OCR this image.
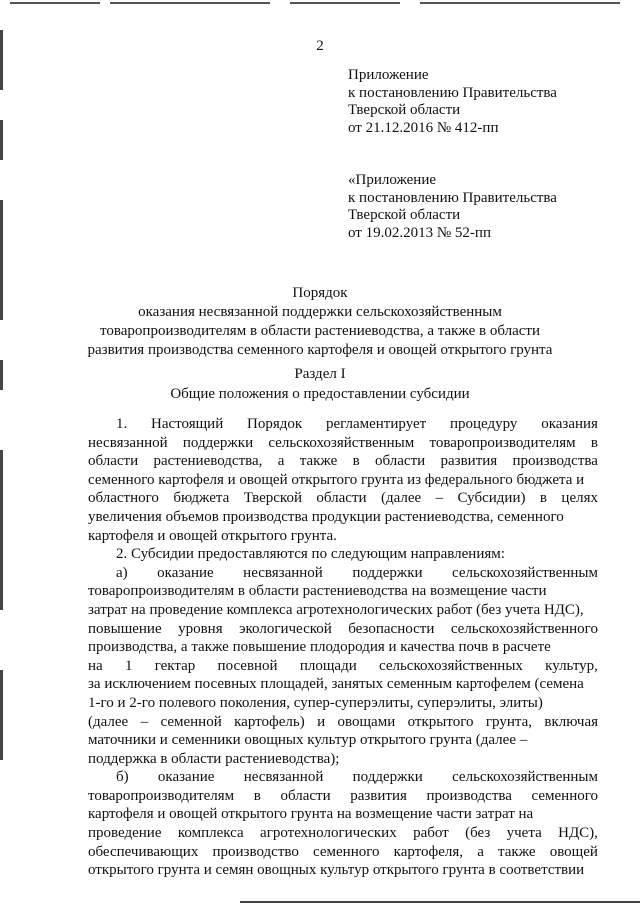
2
Приложение
к постановлению Правительства
Тверской области
от 21.12.2016 № 412-пп
«Приложение
к постановлению Правительства
Тверской области
от 19.02.2013 № 52-пп
Порядок
оказания несвязанной поддержки сельскохозяйственным
товаропроизводителям в области растениеводства, а также в области
развития производства семенного картофеля и овощей открытого грунта
Раздел I
Общие положения о предоставлении субсидии
1. Настоящий Порядок регламентирует процедуру оказания
несвязанной поддержки сельскохозяйственным товаропроизводителям в
области растениеводства, а также в области развития производства
семенного картофеля и овощей открытого грунта из федерального бюджета и
областного бюджета Тверской области (далее – Субсидии) в целях
увеличения объемов производства продукции растениеводства, семенного
картофеля и овощей открытого грунта.
2. Субсидии предоставляются по следующим направлениям:
а) оказание несвязанной поддержки сельскохозяйственным
товаропроизводителям в области растениеводства на возмещение части
затрат на проведение комплекса агротехнологических работ (без учета НДС),
повышение уровня экологической безопасности сельскохозяйственного
производства, а также повышение плодородия и качества почв в расчете
на 1 гектар посевной площади сельскохозяйственных культур,
за исключением посевных площадей, занятых семенным картофелем (семена
1-го и 2-го полевого поколения, супер-суперэлиты, суперэлиты, элиты)
(далее – семенной картофель) и овощами открытого грунта, включая
маточники и семенники овощных культур открытого грунта (далее –
поддержка в области растениеводства);
б) оказание несвязанной поддержки сельскохозяйственным
товаропроизводителям в области развития производства семенного
картофеля и овощей открытого грунта на возмещение части затрат на
проведение комплекса агротехнологических работ (без учета НДС),
обеспечивающих производство семенного картофеля, а также овощей
открытого грунта и семян овощных культур открытого грунта в соответствии
